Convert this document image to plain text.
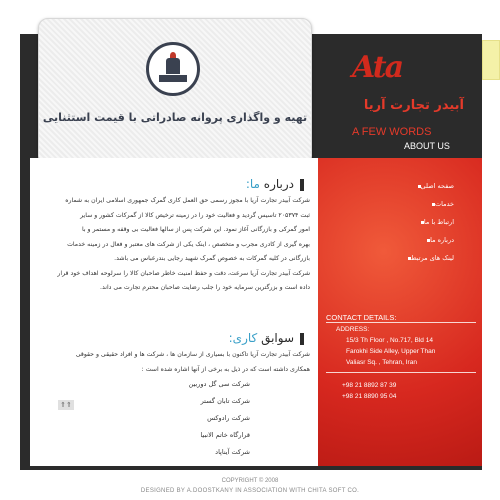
تهیه و واگذاری پروانه صادراتی با قیمت استثنایی
Ata
آبیدر تجارت آریا
A FEW WORDS
ABOUT US
درباره ما:
شرکت آبیدر تجارت آریا با مجوز رسمی حق العمل کاری گمرک جمهوری اسلامی ایران به شماره
ثبت ۲۰۵۳۷۴ تاسیس گردید و فعالیت خود را در زمینه ترخیص کالا از گمرکات کشور و سایر
امور گمرکی و بازرگانی آغاز نمود. این شرکت پس از سالها فعالیت بی وقفه و مستمر و با
بهره گیری از کادری مجرب و متخصص ، اینک یکی از شرکت های معتبر و فعال در زمینه خدمات
بازرگانی در کلیه گمرکات به خصوص گمرک شهید رجایی بندرعباس می باشد.
شرکت آبیدر تجارت آریا سرعت، دقت و حفظ امنیت خاطر صاحبان کالا را سرلوحه اهداف خود قرار
داده است و بزرگترین سرمایه خود را جلب رضایت صاحبان محترم تجارت می داند.
سوابق کاری:
شرکت آبیدر تجارت آریا تاکنون با بسیاری از سازمان ها ، شرکت ها و افراد حقیقی و حقوقی
همکاری داشته است که در ذیل به برخی از آنها اشاره شده است :
شرکت سی گل دوربین
شرکت تابان گستر
شرکت رادوکس
قرارگاه خاتم الانبیا
شرکت آیناپاد
⇑⇑
صفحه اصلی
خدمات
ارتباط با ما
درباره ما
لینک های مرتبط
CONTACT DETAILS:
ADDRESS:
15/3 Th Floor , No.717, Bld 14
Farokhi Side Alley, Upper Than
Valiasr Sq. , Tehran, Iran
+98 21 8892 87 39
+98 21 8890 95 04
COPYRIGHT © 2008
DESIGNED BY A.DOOSTKANY IN ASSOCIATION WITH CHITA SOFT CO.
